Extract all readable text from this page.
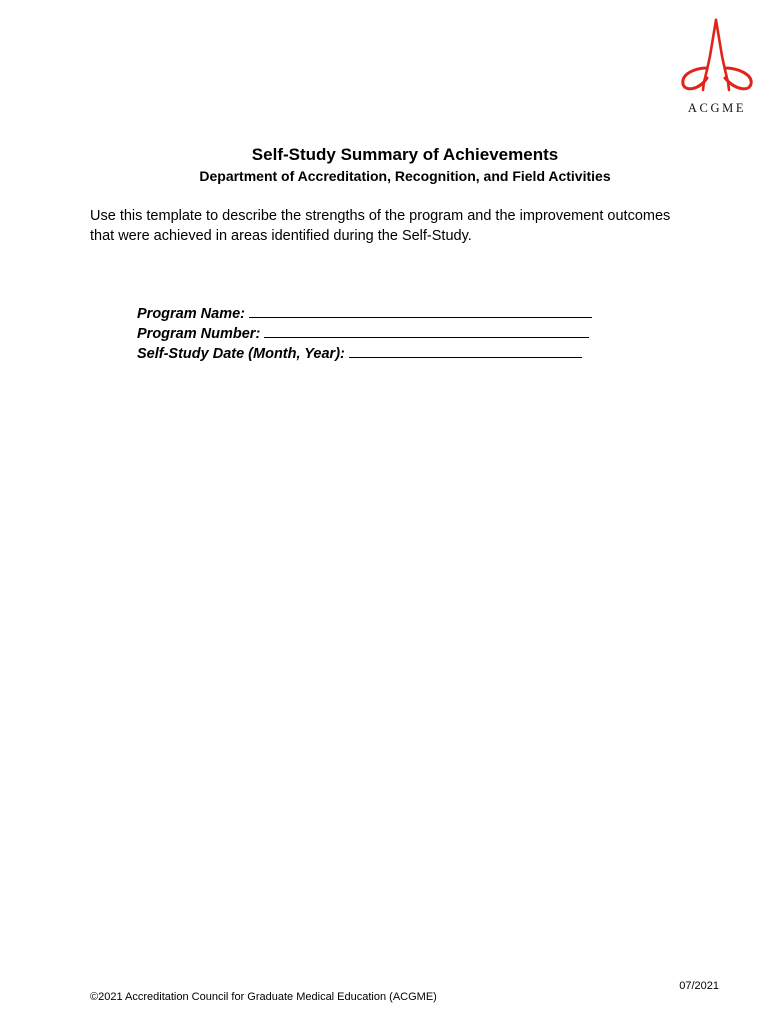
ACGME
Self-Study Summary of Achievements
Department of Accreditation, Recognition, and Field Activities
Use this template to describe the strengths of the program and the improvement outcomes
that were achieved in areas identified during the Self-Study.
Program Name:
Program Number:
Self-Study Date (Month, Year):
07/2021
©2021 Accreditation Council for Graduate Medical Education (ACGME)
